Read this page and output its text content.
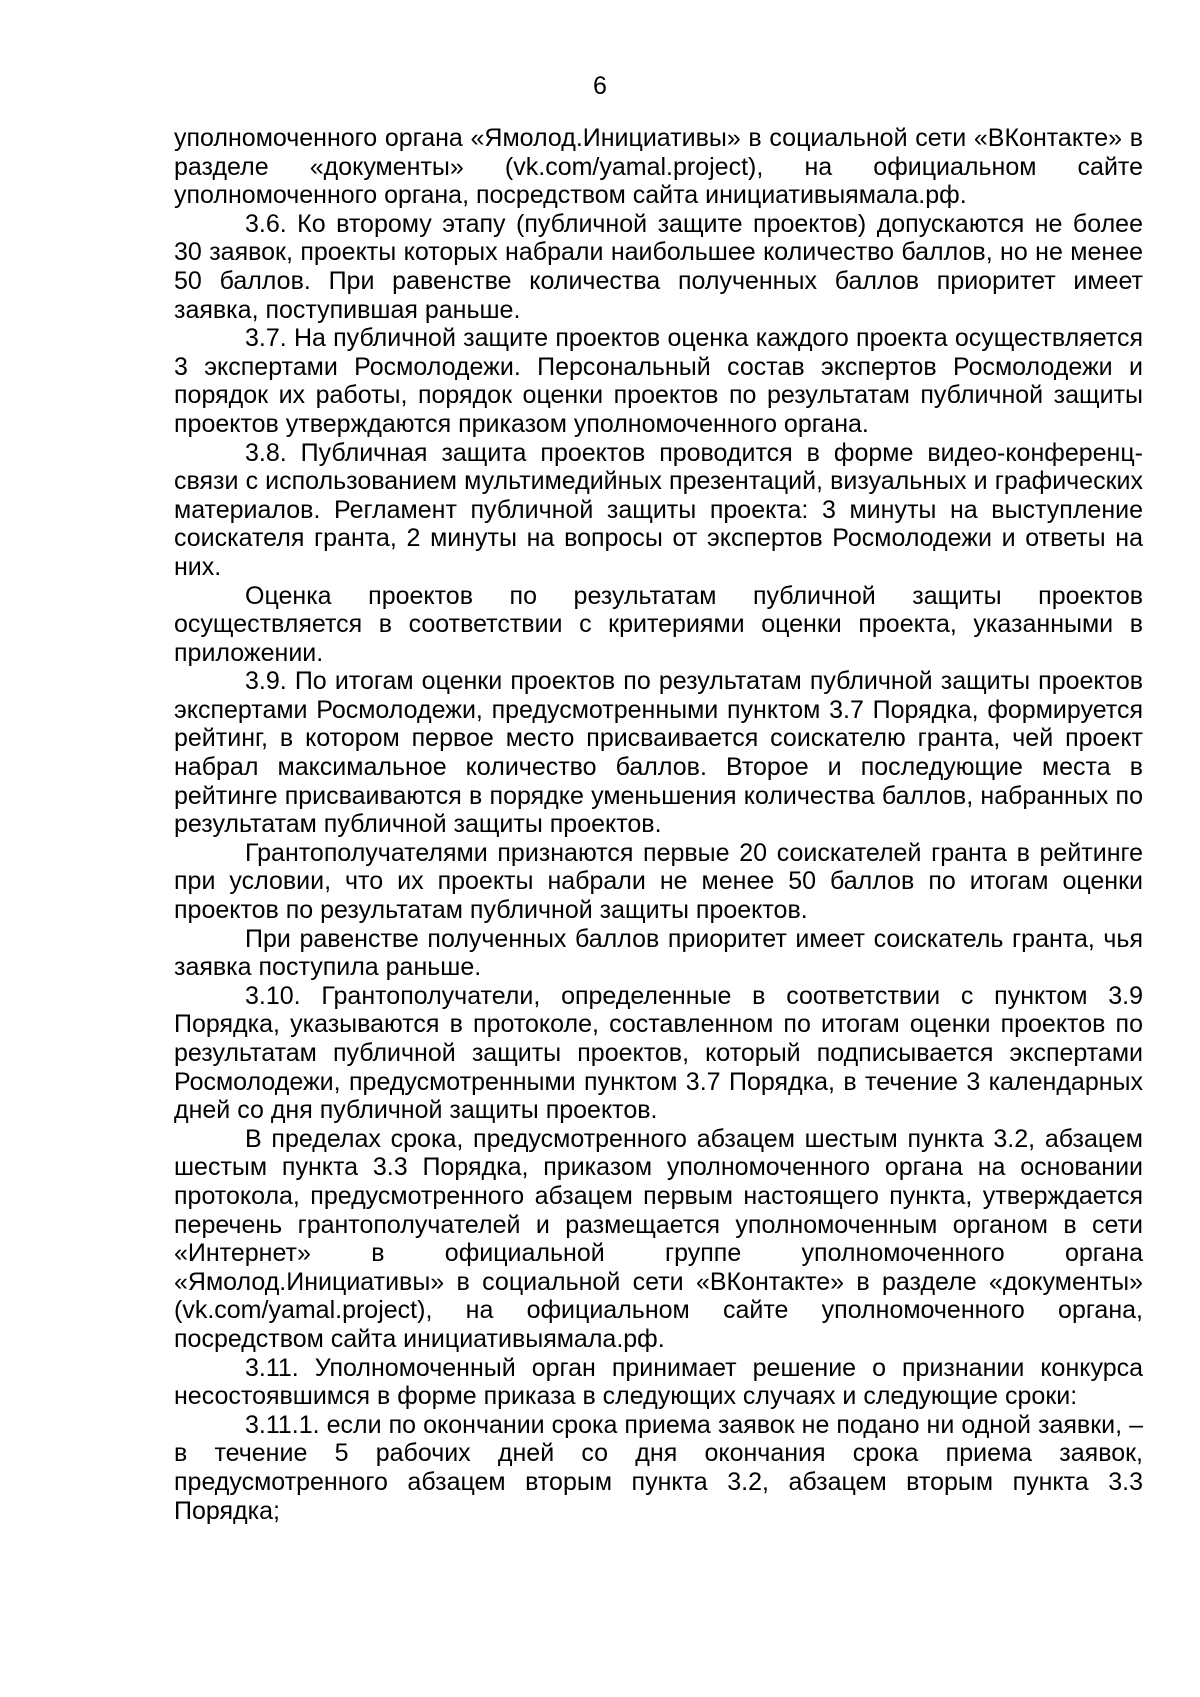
6

уполномоченного органа «Ямолод.Инициативы» в социальной сети «ВКонтакте» в разделе «документы» (vk.com/yamal.project), на официальном сайте уполномоченного органа, посредством сайта инициативыямала.рф.

3.6. Ко второму этапу (публичной защите проектов) допускаются не более 30 заявок, проекты которых набрали наибольшее количество баллов, но не менее 50 баллов. При равенстве количества полученных баллов приоритет имеет заявка, поступившая раньше.

3.7. На публичной защите проектов оценка каждого проекта осуществляется 3 экспертами Росмолодежи. Персональный состав экспертов Росмолодежи и порядок их работы, порядок оценки проектов по результатам публичной защиты проектов утверждаются приказом уполномоченного органа.

3.8. Публичная защита проектов проводится в форме видео-конференц-связи с использованием мультимедийных презентаций, визуальных и графических материалов. Регламент публичной защиты проекта: 3 минуты на выступление соискателя гранта, 2 минуты на вопросы от экспертов Росмолодежи и ответы на них.

Оценка проектов по результатам публичной защиты проектов осуществляется в соответствии с критериями оценки проекта, указанными в приложении.

3.9. По итогам оценки проектов по результатам публичной защиты проектов экспертами Росмолодежи, предусмотренными пунктом 3.7 Порядка, формируется рейтинг, в котором первое место присваивается соискателю гранта, чей проект набрал максимальное количество баллов. Второе и последующие места в рейтинге присваиваются в порядке уменьшения количества баллов, набранных по результатам публичной защиты проектов.

Грантополучателями признаются первые 20 соискателей гранта в рейтинге при условии, что их проекты набрали не менее 50 баллов по итогам оценки проектов по результатам публичной защиты проектов.

При равенстве полученных баллов приоритет имеет соискатель гранта, чья заявка поступила раньше.

3.10. Грантополучатели, определенные в соответствии с пунктом 3.9 Порядка, указываются в протоколе, составленном по итогам оценки проектов по результатам публичной защиты проектов, который подписывается экспертами Росмолодежи, предусмотренными пунктом 3.7 Порядка, в течение 3 календарных дней со дня публичной защиты проектов.

В пределах срока, предусмотренного абзацем шестым пункта 3.2, абзацем шестым пункта 3.3 Порядка, приказом уполномоченного органа на основании протокола, предусмотренного абзацем первым настоящего пункта, утверждается перечень грантополучателей и размещается уполномоченным органом в сети «Интернет» в официальной группе уполномоченного органа «Ямолод.Инициативы» в социальной сети «ВКонтакте» в разделе «документы» (vk.com/yamal.project), на официальном сайте уполномоченного органа, посредством сайта инициативыямала.рф.

3.11. Уполномоченный орган принимает решение о признании конкурса несостоявшимся в форме приказа в следующих случаях и следующие сроки:

3.11.1. если по окончании срока приема заявок не подано ни одной заявки, – в течение 5 рабочих дней со дня окончания срока приема заявок, предусмотренного абзацем вторым пункта 3.2, абзацем вторым пункта 3.3 Порядка;
